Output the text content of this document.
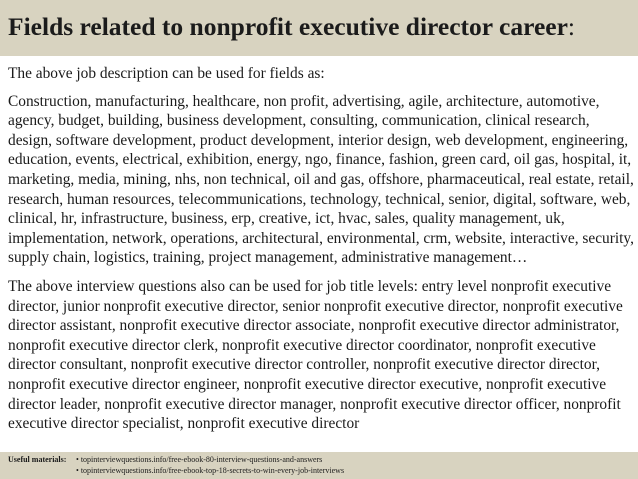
Fields related to nonprofit executive director career:

The above job description can be used for fields as:

Construction, manufacturing, healthcare, non profit, advertising, agile, architecture, automotive, agency, budget, building, business development, consulting, communication, clinical research, design, software development, product development, interior design, web development, engineering, education, events, electrical, exhibition, energy, ngo, finance, fashion, green card, oil gas, hospital, it, marketing, media, mining, nhs, non technical, oil and gas, offshore, pharmaceutical, real estate, retail, research, human resources, telecommunications, technology, technical, senior, digital, software, web, clinical, hr, infrastructure, business, erp, creative, ict, hvac, sales, quality management, uk, implementation, network, operations, architectural, environmental, crm, website, interactive, security, supply chain, logistics, training, project management, administrative management…

The above interview questions also can be used for job title levels: entry level nonprofit executive director, junior nonprofit executive director, senior nonprofit executive director, nonprofit executive director assistant, nonprofit executive director associate, nonprofit executive director administrator, nonprofit executive director clerk, nonprofit executive director coordinator, nonprofit executive director consultant, nonprofit executive director controller, nonprofit executive director director, nonprofit executive director engineer, nonprofit executive director executive, nonprofit executive director leader, nonprofit executive director manager, nonprofit executive director officer, nonprofit executive director specialist, nonprofit executive director

Useful materials:	• topinterviewquestions.info/free-ebook-80-interview-questions-and-answers
• topinterviewquestions.info/free-ebook-top-18-secrets-to-win-every-job-interviews
